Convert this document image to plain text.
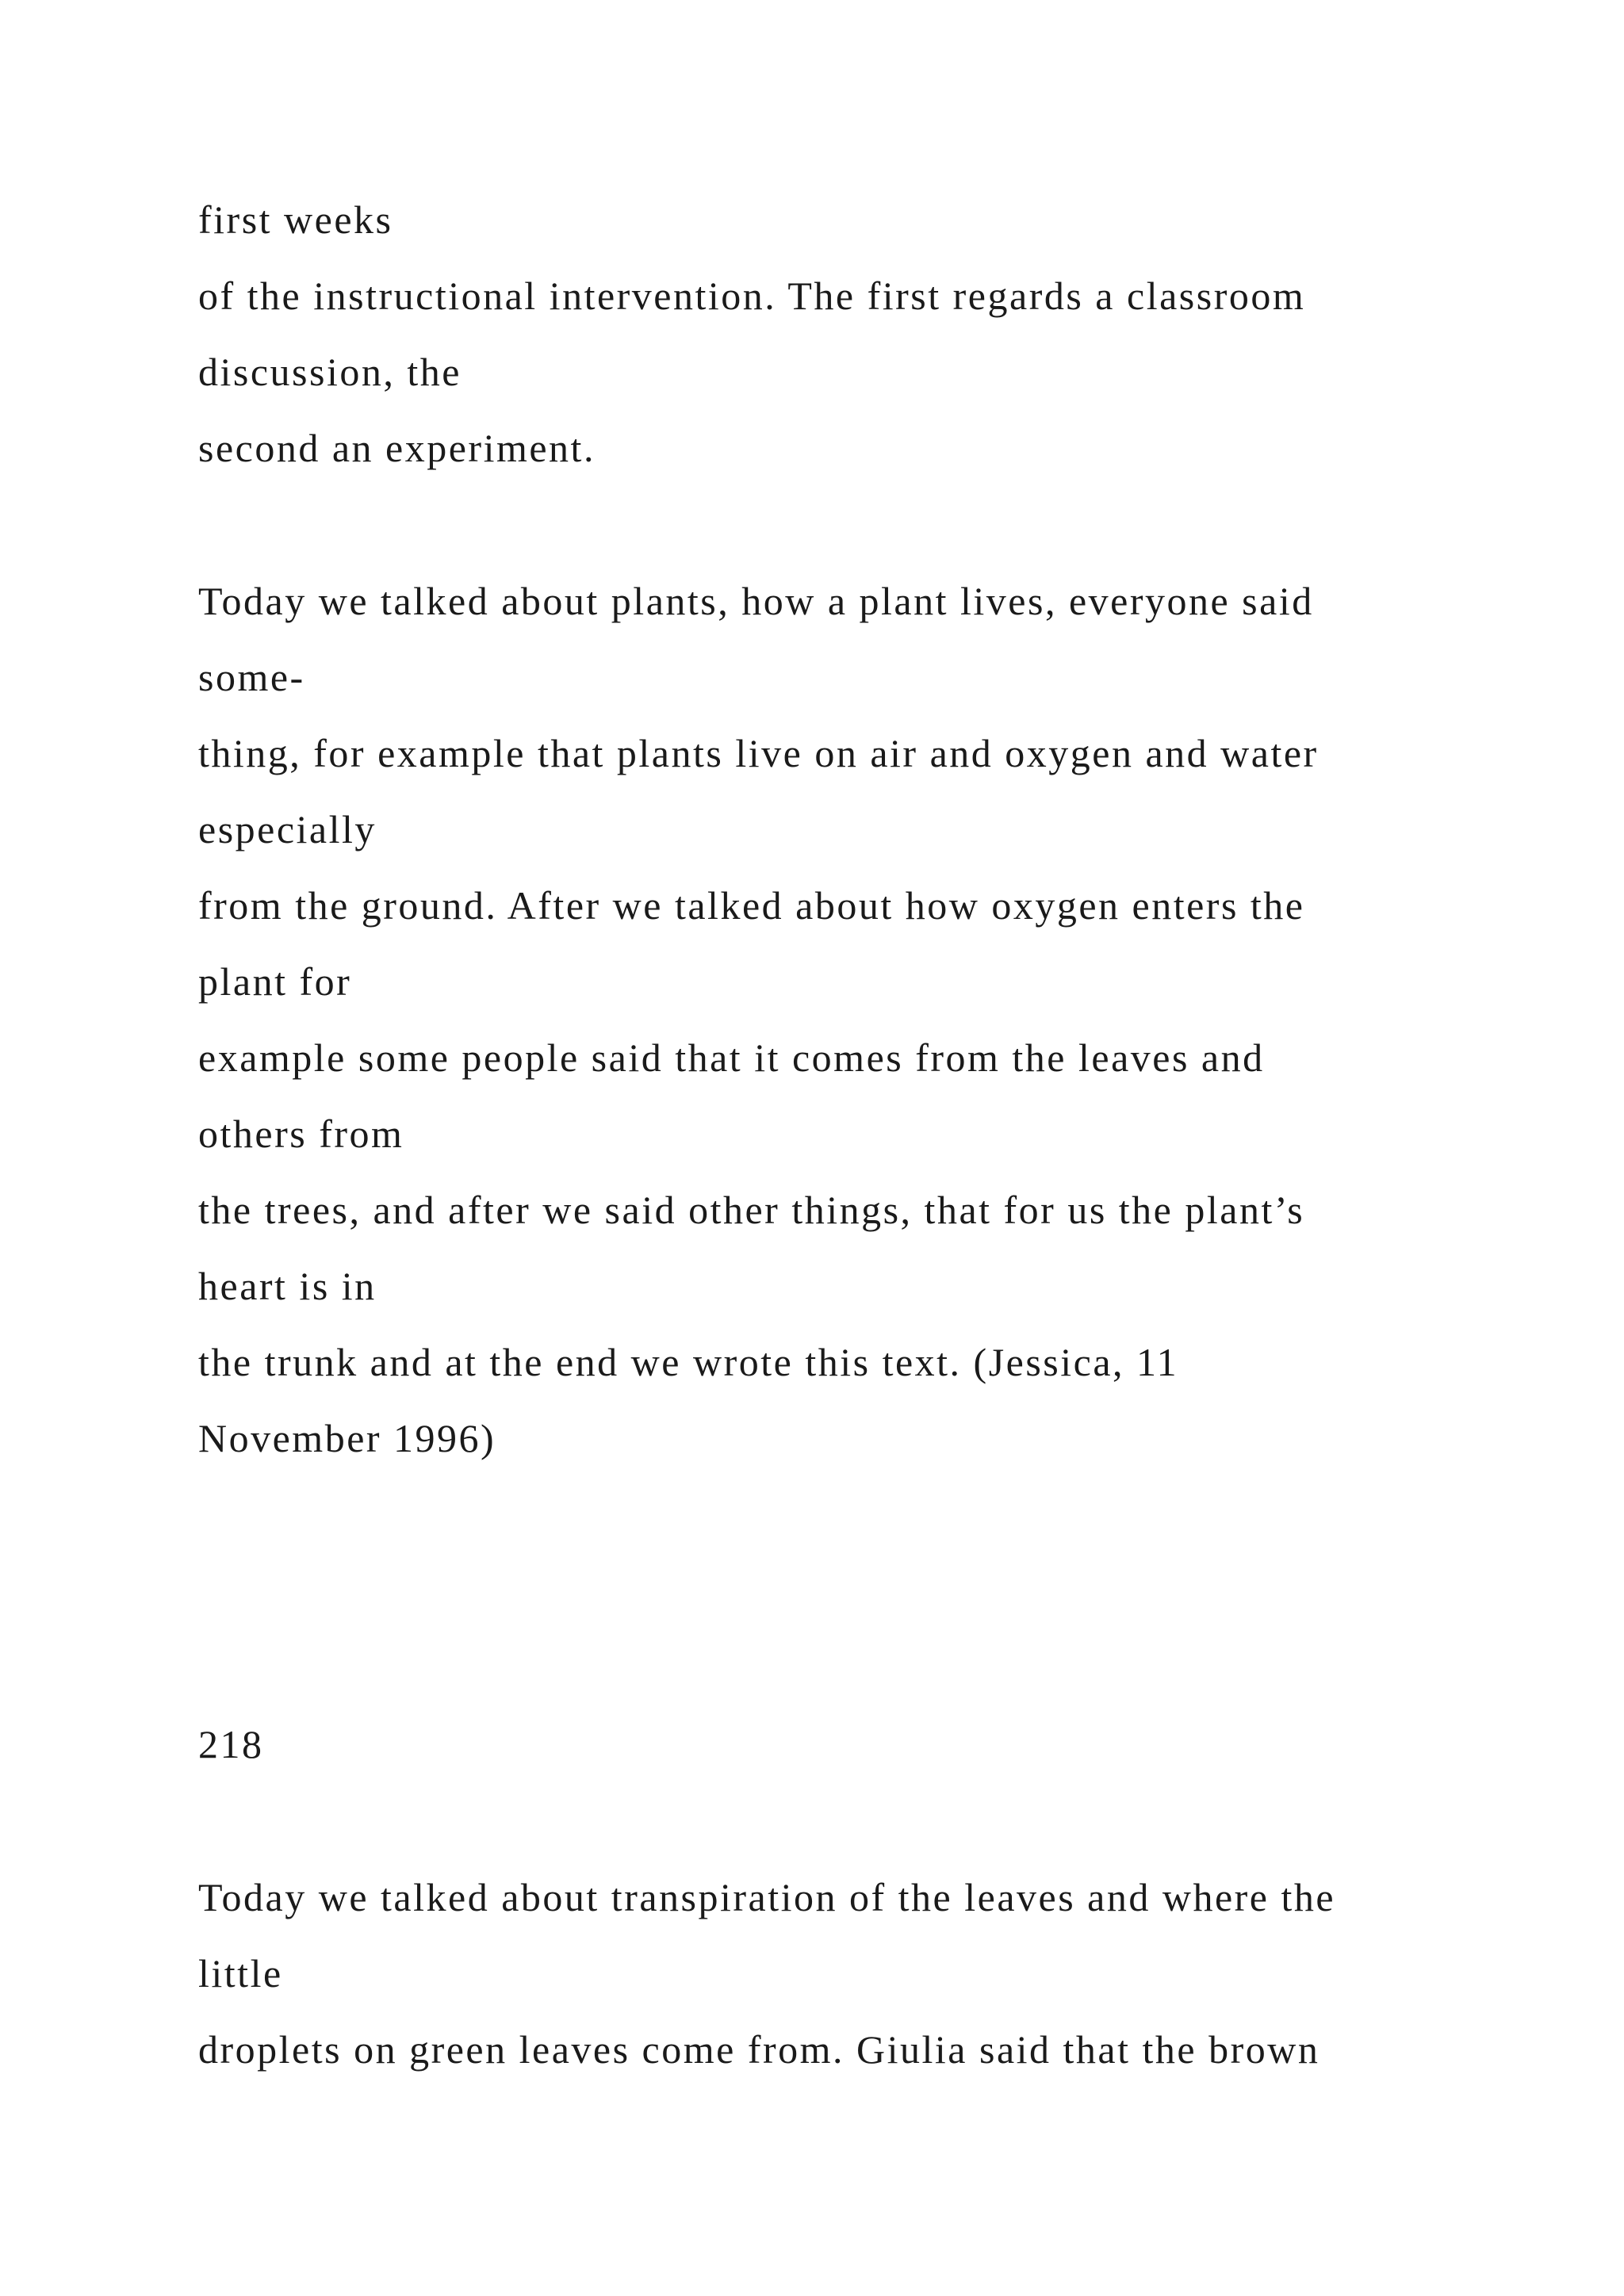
first weeks
of the instructional intervention. The first regards a classroom
discussion, the
second an experiment.
Today we talked about plants, how a plant lives, everyone said
some-
thing, for example that plants live on air and oxygen and water
especially
from the ground. After we talked about how oxygen enters the
plant for
example some people said that it comes from the leaves and
others from
the trees, and after we said other things, that for us the plant’s
heart is in
the trunk and at the end we wrote this text. (Jessica, 11
November 1996)
218
Today we talked about transpiration of the leaves and where the
little
droplets on green leaves come from. Giulia said that the brown
